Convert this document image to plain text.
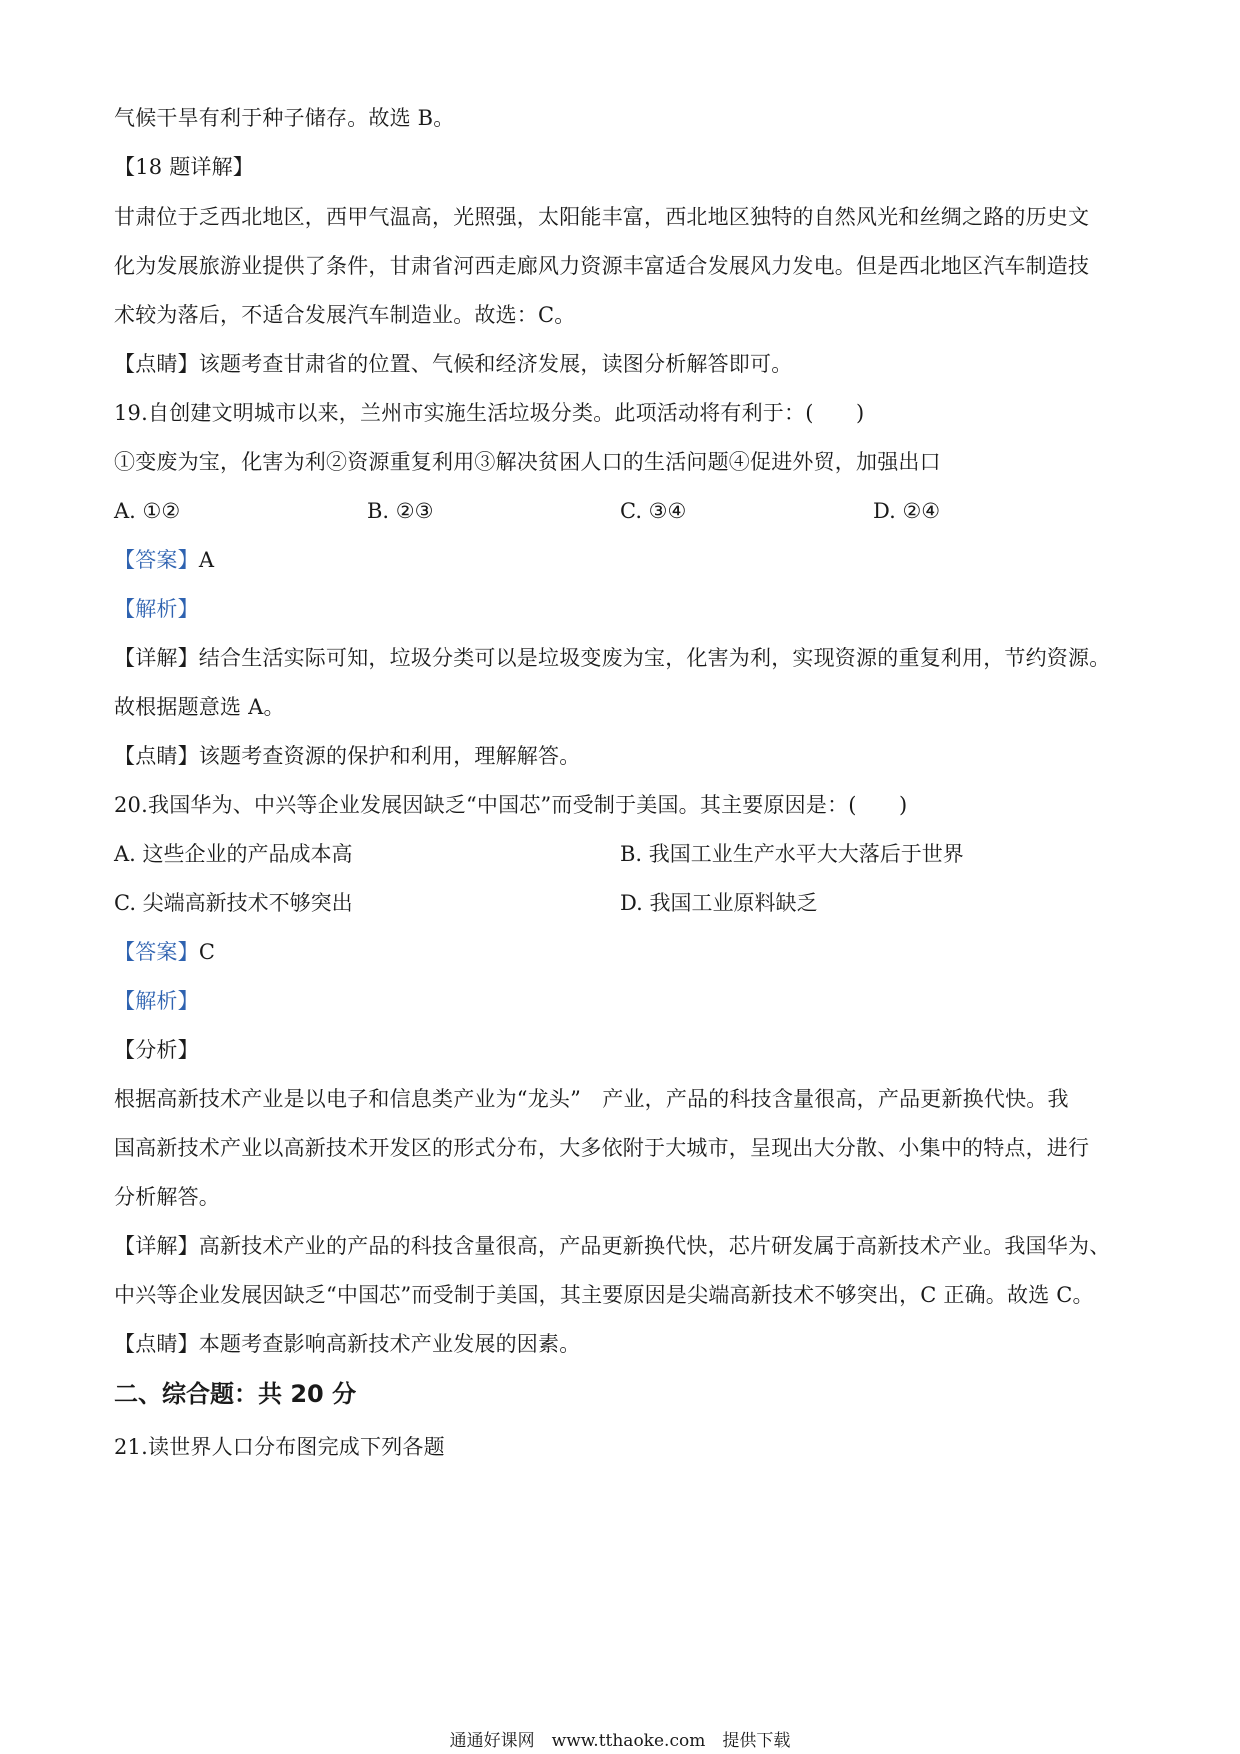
气候干旱有利于种子储存。故选 B。
【18 题详解】
甘肃位于乏西北地区，西甲气温高，光照强，太阳能丰富，西北地区独特的自然风光和丝绸之路的历史文
化为发展旅游业提供了条件，甘肃省河西走廊风力资源丰富适合发展风力发电。但是西北地区汽车制造技
术较为落后，不适合发展汽车制造业。故选：C。
【点睛】该题考查甘肃省的位置、气候和经济发展，读图分析解答即可。
19.自创建文明城市以来，兰州市实施生活垃圾分类。此项活动将有利于：(　　)
①变废为宝，化害为利②资源重复利用③解决贫困人口的生活问题④促进外贸，加强出口
A. ①②	B. ②③	C. ③④	D. ②④
【答案】A
【解析】
【详解】结合生活实际可知，垃圾分类可以是垃圾变废为宝，化害为利，实现资源的重复利用，节约资源。
故根据题意选 A。
【点睛】该题考查资源的保护和利用，理解解答。
20.我国华为、中兴等企业发展因缺乏“中国芯”而受制于美国。其主要原因是：(　　)
A. 这些企业的产品成本高	B. 我国工业生产水平大大落后于世界
C. 尖端高新技术不够突出	D. 我国工业原料缺乏
【答案】C
【解析】
【分析】
根据高新技术产业是以电子和信息类产业为“龙头”　产业，产品的科技含量很高，产品更新换代快。我
国高新技术产业以高新技术开发区的形式分布，大多依附于大城市，呈现出大分散、小集中的特点，进行
分析解答。
【详解】高新技术产业的产品的科技含量很高，产品更新换代快，芯片研发属于高新技术产业。我国华为、
中兴等企业发展因缺乏“中国芯”而受制于美国，其主要原因是尖端高新技术不够突出，C 正确。故选 C。
【点睛】本题考查影响高新技术产业发展的因素。
二、综合题：共 20 分
21.读世界人口分布图完成下列各题
通通好课网　www.tthaoke.com　提供下载
